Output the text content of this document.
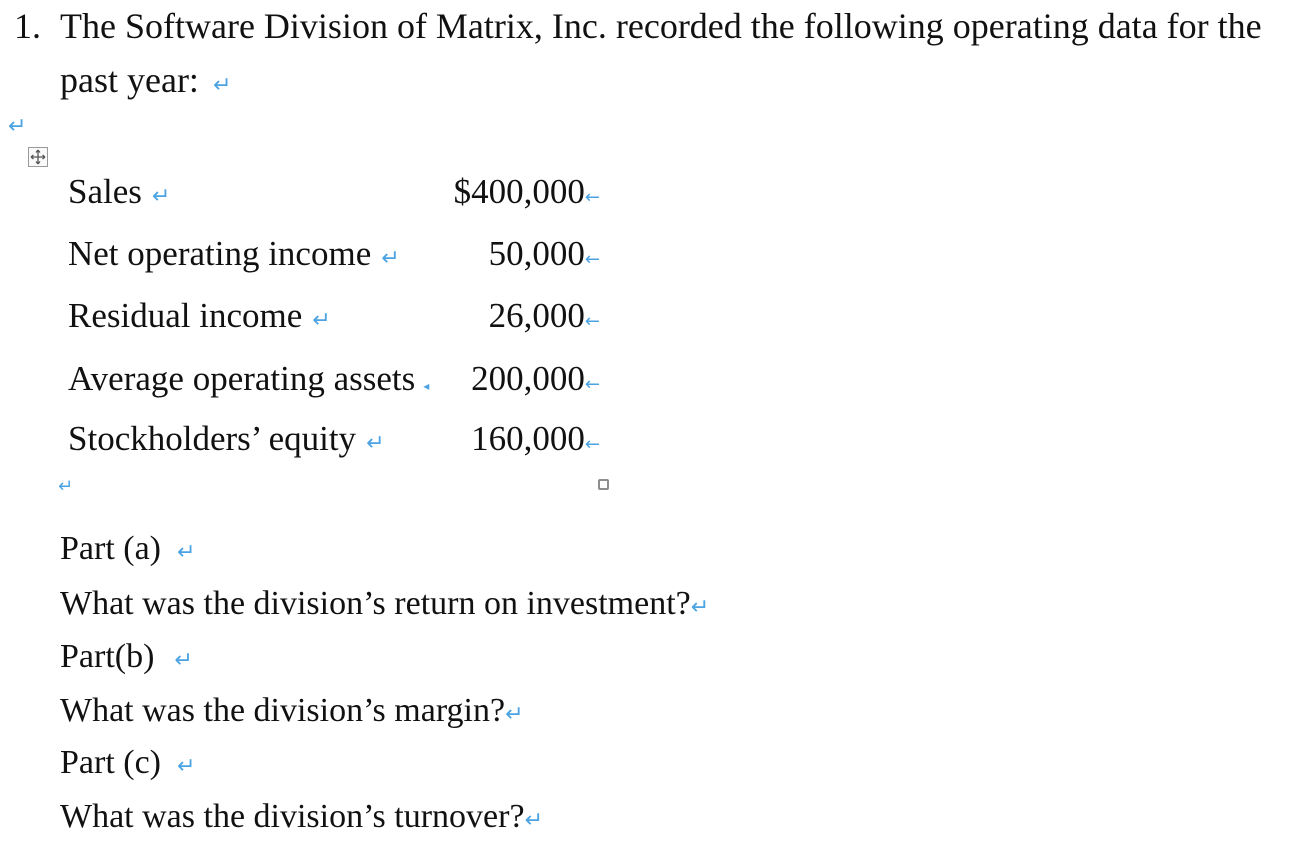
1. The Software Division of Matrix, Inc. recorded the following operating data for the
past year: ↵
↵
Sales ↵	$400,000←
Net operating income ↵	50,000←
Residual income ↵	26,000←
Average operating assets ◂ 200,000←
Stockholders’ equity ↵ 160,000←
↵
Part (a) ↵
What was the division’s return on investment?↵
Part(b) ↵
What was the division’s margin?↵
Part (c) ↵
What was the division’s turnover?↵
